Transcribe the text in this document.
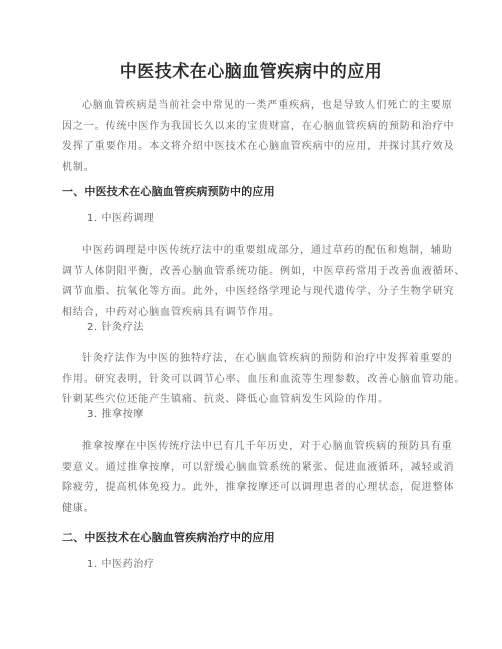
中医技术在心脑血管疾病中的应用
心脑血管疾病是当前社会中常见的一类严重疾病，也是导致人们死亡的主要原
因之一。传统中医作为我国长久以来的宝贵财富，在心脑血管疾病的预防和治疗中
发挥了重要作用。本文将介绍中医技术在心脑血管疾病中的应用，并探讨其疗效及
机制。
一、中医技术在心脑血管疾病预防中的应用
1. 中医药调理
中医药调理是中医传统疗法中的重要组成部分，通过草药的配伍和炮制，辅助
调节人体阴阳平衡，改善心脑血管系统功能。例如，中医草药常用于改善血液循环、
调节血脂、抗氧化等方面。此外，中医经络学理论与现代遗传学、分子生物学研究
相结合，中药对心脑血管疾病具有调节作用。
2. 针灸疗法
针灸疗法作为中医的独特疗法，在心脑血管疾病的预防和治疗中发挥着重要的
作用。研究表明，针灸可以调节心率、血压和血流等生理参数，改善心脑血管功能。
针刺某些穴位还能产生镇痛、抗炎、降低心血管病发生风险的作用。
3. 推拿按摩
推拿按摩在中医传统疗法中已有几千年历史，对于心脑血管疾病的预防具有重
要意义。通过推拿按摩，可以舒缓心脑血管系统的紧张、促进血液循环，减轻或消
除疲劳，提高机体免疫力。此外，推拿按摩还可以调理患者的心理状态，促进整体
健康。
二、中医技术在心脑血管疾病治疗中的应用
1. 中医药治疗
